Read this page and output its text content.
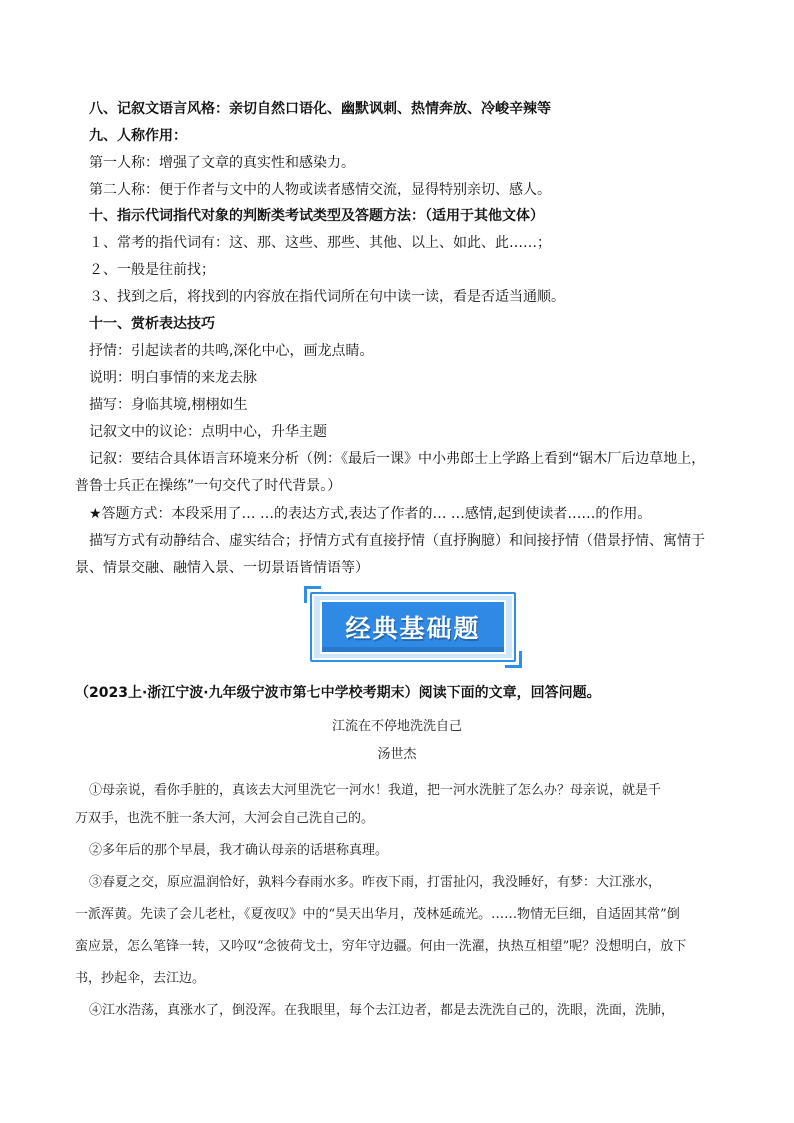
八、记叙文语言风格：亲切自然口语化、幽默讽刺、热情奔放、冷峻辛辣等
九、人称作用：
第一人称：增强了文章的真实性和感染力。
第二人称：便于作者与文中的人物或读者感情交流，显得特别亲切、感人。
十、指示代词指代对象的判断类考试类型及答题方法：（适用于其他文体）
１、常考的指代词有：这、那、这些、那些、其他、以上、如此、此……；
２、一般是往前找；
３、找到之后，将找到的内容放在指代词所在句中读一读，看是否适当通顺。
十一、赏析表达技巧
抒情：引起读者的共鸣,深化中心，画龙点睛。
说明：明白事情的来龙去脉
描写：身临其境,栩栩如生
记叙文中的议论：点明中心，升华主题
记叙：要结合具体语言环境来分析（例：《最后一课》中小弗郎士上学路上看到“锯木厂后边草地上，
普鲁士兵正在操练”一句交代了时代背景。）
★答题方式：本段采用了… …的表达方式,表达了作者的… …感情,起到使读者……的作用。
描写方式有动静结合、虚实结合；抒情方式有直接抒情（直抒胸臆）和间接抒情（借景抒情、寓情于
景、情景交融、融情入景、一切景语皆情语等）
经典基础题
（2023上·浙江宁波·九年级宁波市第七中学校考期末）阅读下面的文章，回答问题。
江流在不停地洗洗自己
汤世杰
①母亲说，看你手脏的，真该去大河里洗它一河水！我道，把一河水洗脏了怎么办？母亲说，就是千
万双手，也洗不脏一条大河，大河会自己洗自己的。
②多年后的那个早晨，我才确认母亲的话堪称真理。
③春夏之交，原应温润恰好，孰料今春雨水多。昨夜下雨，打雷扯闪，我没睡好，有梦：大江涨水，
一派浑黄。先读了会儿老杜，《夏夜叹》中的“昊天出华月，茂林延疏光。……物情无巨细，自适固其常”倒
蛮应景，怎么笔锋一转，又吟叹“念彼荷戈士，穷年守边疆。何由一洗濯，执热互相望”呢？没想明白，放下
书，抄起伞，去江边。
④江水浩荡，真涨水了，倒没浑。在我眼里，每个去江边者，都是去洗洗自己的，洗眼，洗面，洗肺，
